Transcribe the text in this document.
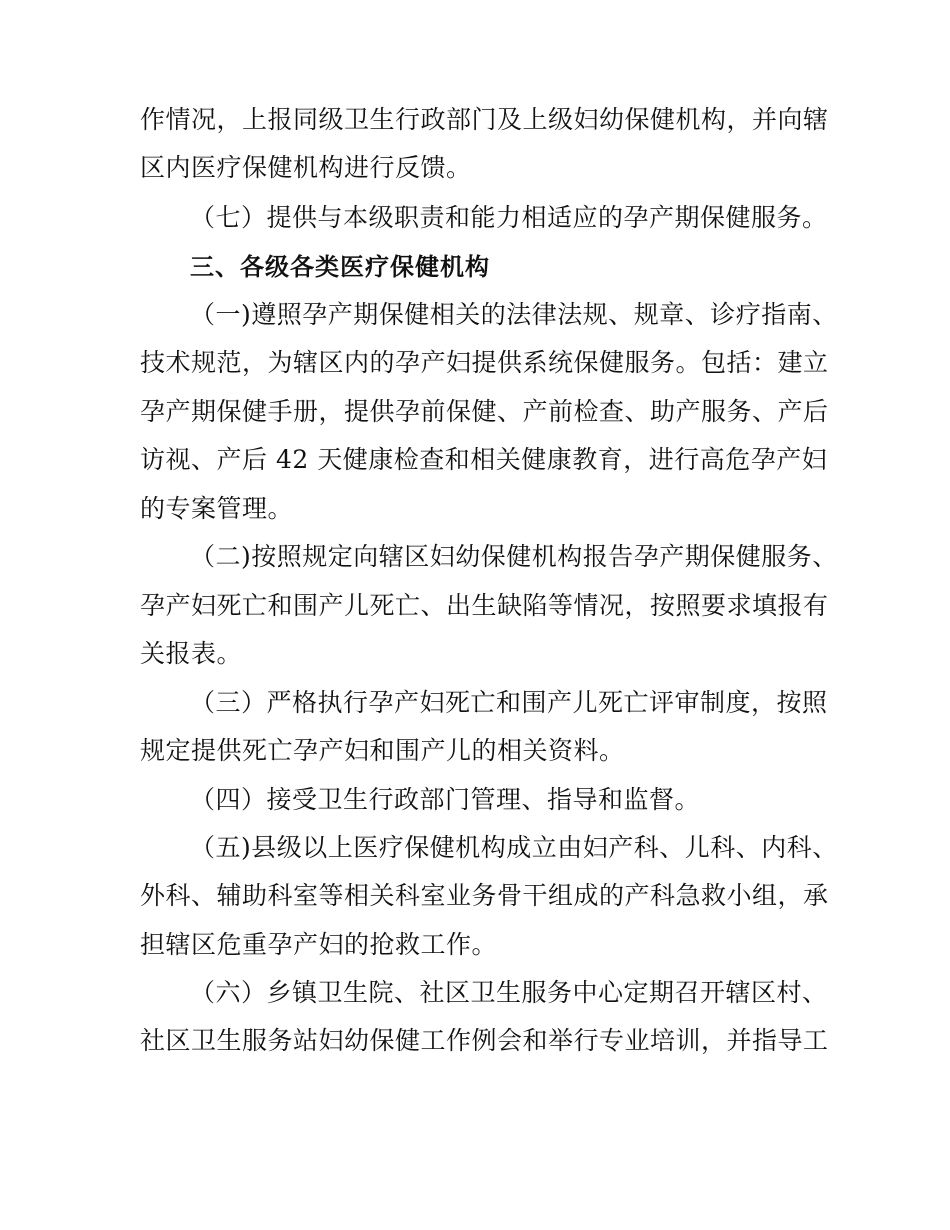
作情况，上报同级卫生行政部门及上级妇幼保健机构，并向辖
区内医疗保健机构进行反馈。
（七）提供与本级职责和能力相适应的孕产期保健服务。
三、各级各类医疗保健机构
（一)遵照孕产期保健相关的法律法规、规章、诊疗指南、
技术规范，为辖区内的孕产妇提供系统保健服务。包括：建立
孕产期保健手册，提供孕前保健、产前检查、助产服务、产后
访视、产后 42 天健康检查和相关健康教育，进行高危孕产妇
的专案管理。
（二)按照规定向辖区妇幼保健机构报告孕产期保健服务、
孕产妇死亡和围产儿死亡、出生缺陷等情况，按照要求填报有
关报表。
（三）严格执行孕产妇死亡和围产儿死亡评审制度，按照
规定提供死亡孕产妇和围产儿的相关资料。
（四）接受卫生行政部门管理、指导和监督。
（五)县级以上医疗保健机构成立由妇产科、儿科、内科、
外科、辅助科室等相关科室业务骨干组成的产科急救小组，承
担辖区危重孕产妇的抢救工作。
（六）乡镇卫生院、社区卫生服务中心定期召开辖区村、
社区卫生服务站妇幼保健工作例会和举行专业培训，并指导工
